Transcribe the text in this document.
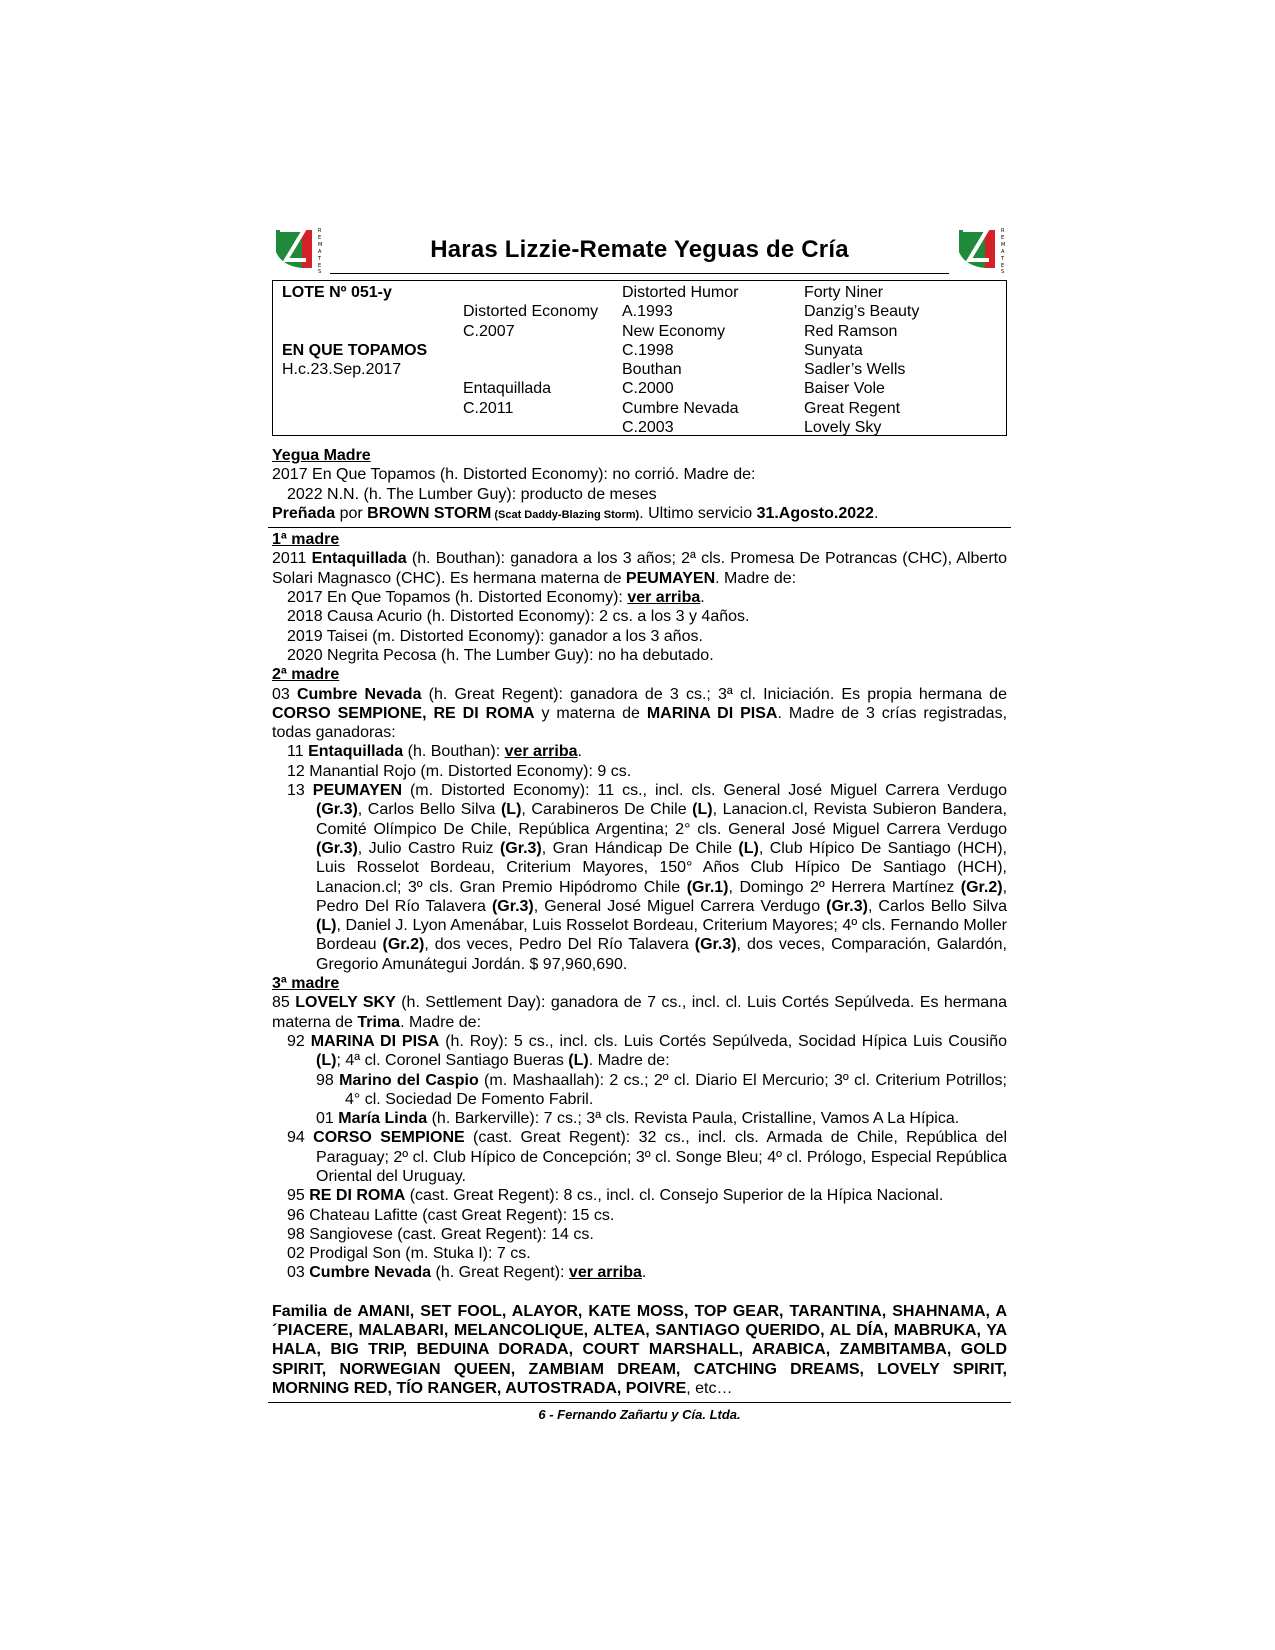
R
E
M
A
T
E
S
Haras Lizzie-Remate Yeguas de Cría
R
E
M
A
T
E
S
LOTE Nº 051-y
EN QUE TOPAMOS
H.c.23.Sep.2017
Distorted Economy
C.2007
Entaquillada
C.2011
Distorted Humor
A.1993
New Economy
C.1998
Bouthan
C.2000
Cumbre Nevada
C.2003
Forty Niner
Danzig’s Beauty
Red Ramson
Sunyata
Sadler’s Wells
Baiser Vole
Great Regent
Lovely Sky

Yegua Madre

2017 En Que Topamos (h. Distorted Economy): no corrió. Madre de:

2022 N.N. (h. The Lumber Guy): producto de meses

Preñada por BROWN STORM (Scat Daddy-Blazing Storm). Ultimo servicio 31.Agosto.2022.

1ª madre

2011 Entaquillada (h. Bouthan): ganadora a los 3 años; 2ª cls. Promesa De Potrancas (CHC), Alberto Solari Magnasco (CHC). Es hermana materna de PEUMAYEN. Madre de:

2017 En Que Topamos (h. Distorted Economy): ver arriba.

2018 Causa Acurio (h. Distorted Economy): 2 cs. a los 3 y 4años.

2019 Taisei (m. Distorted Economy): ganador a los 3 años.

2020 Negrita Pecosa (h. The Lumber Guy): no ha debutado.

2ª madre

03 Cumbre Nevada (h. Great Regent): ganadora de 3 cs.; 3ª cl. Iniciación. Es propia hermana de CORSO SEMPIONE, RE DI ROMA y materna de MARINA DI PISA. Madre de 3 crías registradas, todas ganadoras:

11 Entaquillada (h. Bouthan): ver arriba.

12 Manantial Rojo (m. Distorted Economy): 9 cs.

13 PEUMAYEN (m. Distorted Economy): 11 cs., incl. cls. General José Miguel Carrera Verdugo (Gr.3), Carlos Bello Silva (L), Carabineros De Chile (L), Lanacion.cl, Revista Subieron Bandera, Comité Olímpico De Chile, República Argentina; 2° cls. General José Miguel Carrera Verdugo (Gr.3), Julio Castro Ruiz (Gr.3), Gran Hándicap De Chile (L), Club Hípico De Santiago (HCH), Luis Rosselot Bordeau, Criterium Mayores, 150° Años Club Hípico De Santiago (HCH), Lanacion.cl; 3º cls. Gran Premio Hipódromo Chile (Gr.1), Domingo 2º Herrera Martínez (Gr.2), Pedro Del Río Talavera (Gr.3), General José Miguel Carrera Verdugo (Gr.3), Carlos Bello Silva (L), Daniel J. Lyon Amenábar, Luis Rosselot Bordeau, Criterium Mayores; 4º cls. Fernando Moller Bordeau (Gr.2), dos veces, Pedro Del Río Talavera (Gr.3), dos veces, Comparación, Galardón, Gregorio Amunátegui Jordán. $ 97,960,690.

3ª madre

85 LOVELY SKY (h. Settlement Day): ganadora de 7 cs., incl. cl. Luis Cortés Sepúlveda. Es hermana materna de Trima. Madre de:

92 MARINA DI PISA (h. Roy): 5 cs., incl. cls. Luis Cortés Sepúlveda, Socidad Hípica Luis Cousiño (L); 4ª cl. Coronel Santiago Bueras (L). Madre de:

98 Marino del Caspio (m. Mashaallah): 2 cs.; 2º cl. Diario El Mercurio; 3º cl. Criterium Potrillos; 4° cl. Sociedad De Fomento Fabril.

01 María Linda (h. Barkerville): 7 cs.; 3ª cls. Revista Paula, Cristalline, Vamos A La Hípica.

94 CORSO SEMPIONE (cast. Great Regent): 32 cs., incl. cls. Armada de Chile, República del Paraguay; 2º cl. Club Hípico de Concepción; 3º cl. Songe Bleu; 4º cl. Prólogo, Especial República Oriental del Uruguay.

95 RE DI ROMA (cast. Great Regent): 8 cs., incl. cl. Consejo Superior de la Hípica Nacional.

96 Chateau Lafitte (cast Great Regent): 15 cs.

98 Sangiovese (cast. Great Regent): 14 cs.

02 Prodigal Son (m. Stuka I): 7 cs.

03 Cumbre Nevada (h. Great Regent): ver arriba.

Familia de AMANI, SET FOOL, ALAYOR, KATE MOSS, TOP GEAR, TARANTINA, SHAHNAMA, A´PIACERE, MALABARI, MELANCOLIQUE, ALTEA, SANTIAGO QUERIDO, AL DÍA, MABRUKA, YA HALA, BIG TRIP, BEDUINA DORADA, COURT MARSHALL, ARABICA, ZAMBITAMBA, GOLD SPIRIT, NORWEGIAN QUEEN, ZAMBIAM DREAM, CATCHING DREAMS, LOVELY SPIRIT, MORNING RED, TÍO RANGER, AUTOSTRADA, POIVRE, etc…
6 - Fernando Zañartu y Cía. Ltda.
